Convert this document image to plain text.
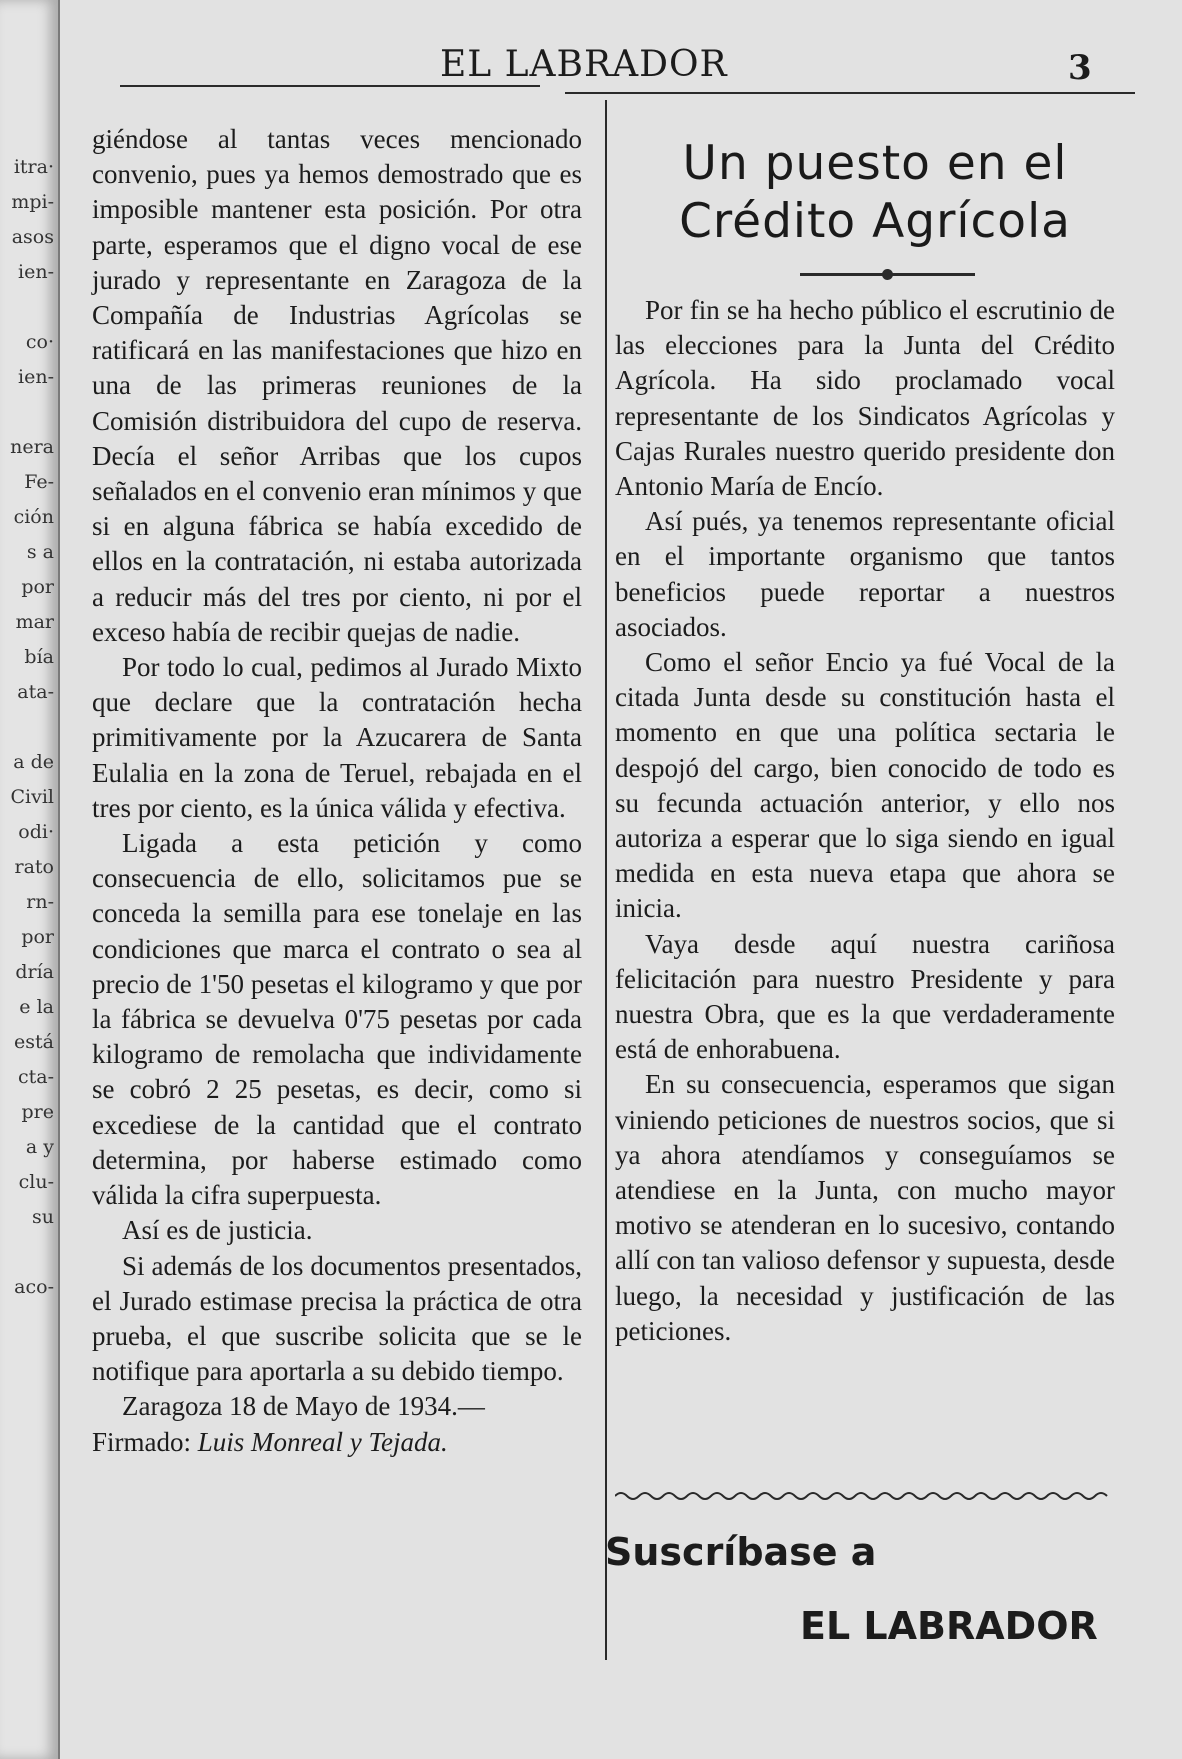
itra·
mpi-
asos
ien-
co·
ien-
nera
Fe-
ción
s a
por
mar
bía
ata-
a de
Civil
odi·
rato
rn-
por
dría
e la
está
cta-
pre
a y
clu-
su
aco-
EL LABRADOR	3

giéndose al tantas veces mencionado convenio, pues ya hemos demostrado que es imposible mantener esta posición. Por otra parte, esperamos que el digno vocal de ese jurado y representante en Zaragoza de la Compañía de Industrias Agrícolas se ratificará en las manifestaciones que hizo en una de las primeras reuniones de la Comisión distribuidora del cupo de reserva. Decía el señor Arribas que los cupos señalados en el convenio eran mínimos y que si en alguna fábrica se había excedido de ellos en la contratación, ni estaba autorizada a reducir más del tres por ciento, ni por el exceso había de recibir quejas de nadie.

Por todo lo cual, pedimos al Jurado Mixto que declare que la contratación hecha primitivamente por la Azucarera de Santa Eulalia en la zona de Teruel, rebajada en el tres por ciento, es la única válida y efectiva.

Ligada a esta petición y como consecuencia de ello, solicitamos pue se conceda la semilla para ese tonelaje en las condiciones que marca el contrato o sea al precio de 1'50 pesetas el kilogramo y que por la fábrica se devuelva 0'75 pesetas por cada kilogramo de remolacha que individamente se cobró 2 25 pesetas, es decir, como si excediese de la cantidad que el contrato determina, por haberse estimado como válida la cifra superpuesta.

Así es de justicia.

Si además de los documentos presentados, el Jurado estimase precisa la práctica de otra prueba, el que suscribe solicita que se le notifique para aportarla a su debido tiempo.

Zaragoza 18 de Mayo de 1934.—

Firmado: Luis Monreal y Tejada.

Un puesto en el Crédito Agrícola

Por fin se ha hecho público el escrutinio de las elecciones para la Junta del Crédito Agrícola. Ha sido proclamado vocal representante de los Sindicatos Agrícolas y Cajas Rurales nuestro querido presidente don Antonio María de Encío.

Así pués, ya tenemos representante oficial en el importante organismo que tantos beneficios puede reportar a nuestros asociados.

Como el señor Encio ya fué Vocal de la citada Junta desde su constitución hasta el momento en que una política sectaria le despojó del cargo, bien conocido de todo es su fecunda actuación anterior, y ello nos autoriza a esperar que lo siga siendo en igual medida en esta nueva etapa que ahora se inicia.

Vaya desde aquí nuestra cariñosa felicitación para nuestro Presidente y para nuestra Obra, que es la que verdaderamente está de enhorabuena.

En su consecuencia, esperamos que sigan viniendo peticiones de nuestros socios, que si ya ahora atendíamos y conseguíamos se atendiese en la Junta, con mucho mayor motivo se atenderan en lo sucesivo, contando allí con tan valioso defensor y supuesta, desde luego, la necesidad y justificación de las peticiones.

Suscríbase a
EL LABRADOR
